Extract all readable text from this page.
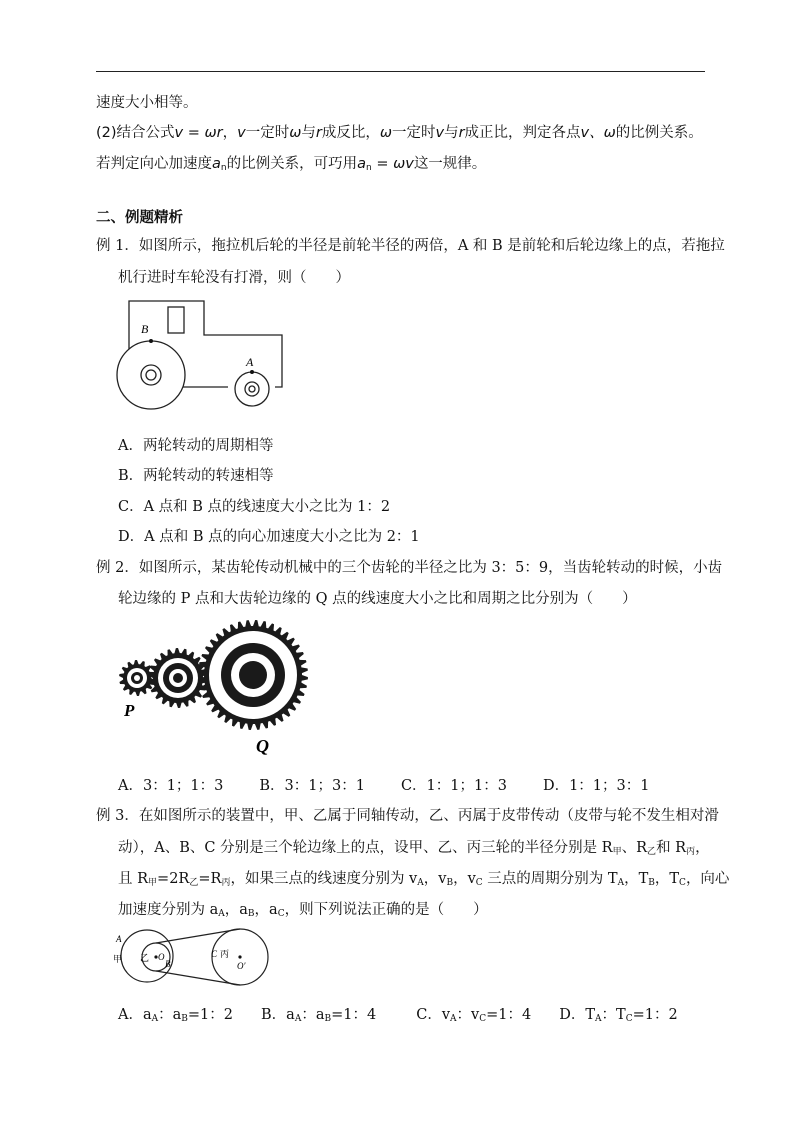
速度大小相等。
(2)结合公式v = ωr，v一定时ω与r成反比，ω一定时v与r成正比，判定各点v、ω的比例关系。
若判定向心加速度$a_n$的比例关系，可巧用$a_n = \omega v$这一规律。
二、例题精析
例 1．如图所示，拖拉机后轮的半径是前轮半径的两倍，A 和 B 是前轮和后轮边缘上的点，若拖拉
机行进时车轮没有打滑，则（　　）
B
A
A．两轮转动的周期相等
B．两轮转动的转速相等
C．A 点和 B 点的线速度大小之比为 1：2
D．A 点和 B 点的向心加速度大小之比为 2：1
例 2．如图所示，某齿轮传动机械中的三个齿轮的半径之比为 3：5：9，当齿轮转动的时候，小齿
轮边缘的 P 点和大齿轮边缘的 Q 点的线速度大小之比和周期之比分别为（　　）
P
Q
A．3：1；1：3 B．3：1；3：1 C．1：1；1：3 D．1：1；3：1
例 3．在如图所示的装置中，甲、乙属于同轴传动，乙、丙属于皮带传动（皮带与轮不发生相对滑
动），A、B、C 分别是三个轮边缘上的点，设甲、乙、丙三轮的半径分别是 $R_甲$、$R_乙$和 $R_丙$，
且 $R_甲=2R_乙=R_丙$，如果三点的线速度分别为 $v_A$，$v_B$，$v_C$ 三点的周期分别为 $T_A$，$T_B$，$T_C$，向心
加速度分别为 $a_A$，$a_B$，$a_C$，则下列说法正确的是（　　）
A
甲 乙 O
B
C 丙
O′
A．$a_A$：$a_B=1$：2 B．$a_A$：$a_B=1$：4	C．$v_A$：$v_C=1$：4 D．$T_A$：$T_C=1$：2
